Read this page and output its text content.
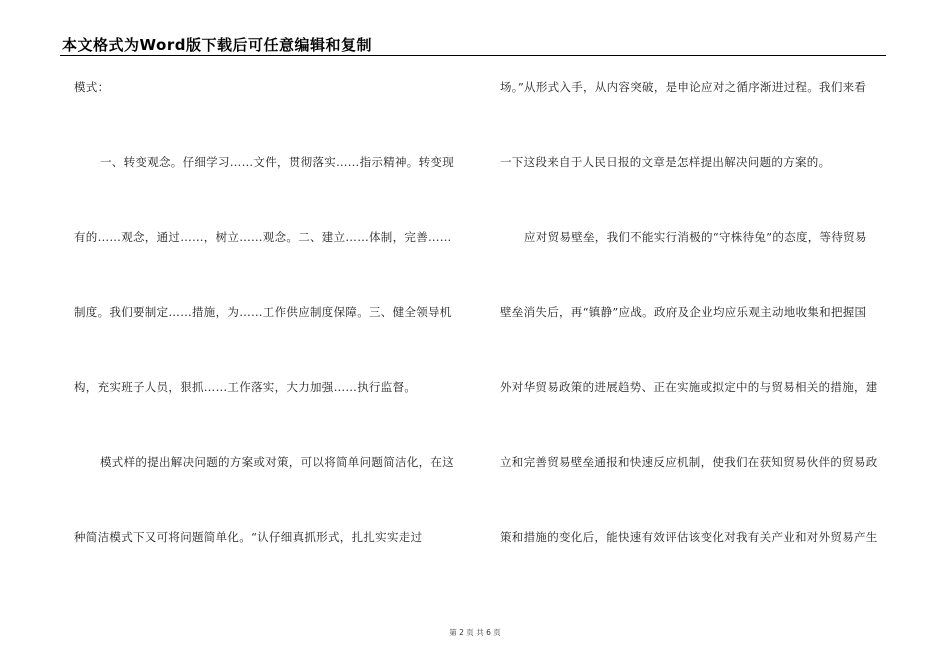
本文格式为Word版下载后可任意编辑和复制
模式：
一、转变观念。仔细学习……文件，贯彻落实……指示精神。转变现
有的……观念，通过……，树立……观念。二、建立……体制，完善……
制度。我们要制定……措施，为……工作供应制度保障。三、健全领导机
构，充实班子人员，狠抓……工作落实，大力加强……执行监督。
模式样的提出解决问题的方案或对策，可以将简单问题简洁化，在这
种简洁模式下又可将问题简单化。“认仔细真抓形式，扎扎实实走过
场。”从形式入手，从内容突破，是申论应对之循序渐进过程。我们来看
一下这段来自于人民日报的文章是怎样提出解决问题的方案的。
应对贸易壁垒，我们不能实行消极的“守株待兔”的态度，等待贸易
壁垒消失后，再“镇静”应战。政府及企业均应乐观主动地收集和把握国
外对华贸易政策的进展趋势、正在实施或拟定中的与贸易相关的措施，建
立和完善贸易壁垒通报和快速反应机制，使我们在获知贸易伙伴的贸易政
策和措施的变化后，能快速有效评估该变化对我有关产业和对外贸易产生
第 2 页 共 6 页
